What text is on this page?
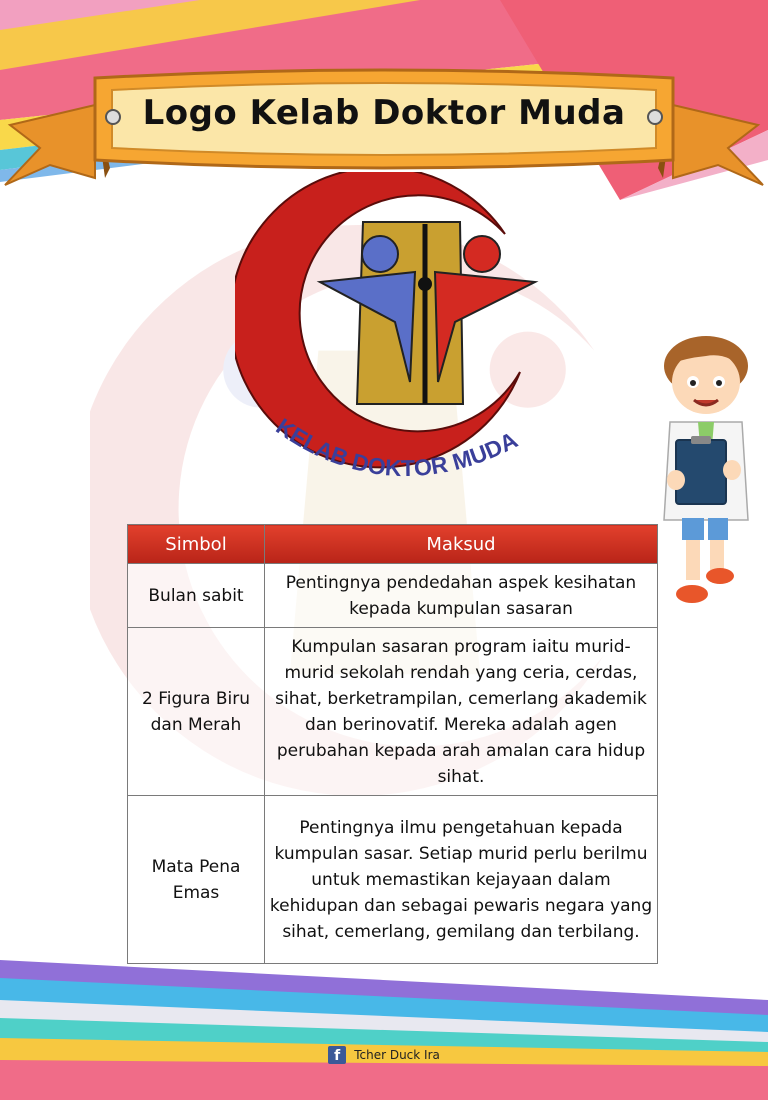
Logo Kelab Doktor Muda
KELAB DOKTOR MUDA
Simbol	Maksud
Bulan sabit	Pentingnya pendedahan aspek kesihatan kepada kumpulan sasaran
2 Figura Biru dan Merah	Kumpulan sasaran program iaitu murid-murid sekolah rendah yang ceria, cerdas, sihat, berketrampilan, cemerlang akademik dan berinovatif. Mereka adalah agen perubahan kepada arah amalan cara hidup sihat.
Mata Pena Emas	Pentingnya ilmu pengetahuan kepada kumpulan sasar. Setiap murid perlu berilmu untuk memastikan kejayaan dalam kehidupan dan sebagai pewaris negara yang sihat, cemerlang, gemilang dan terbilang.
f Tcher Duck Ira
